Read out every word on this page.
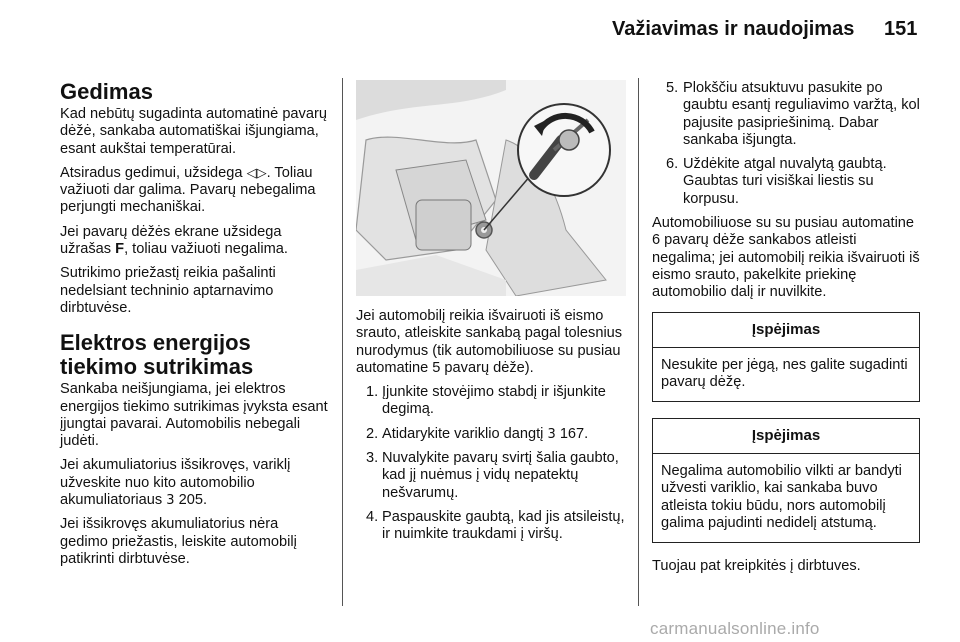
Važiavimas ir naudojimas 151
Gedimas

Kad nebūtų sugadinta automatinė pavarų dėžė, sankaba automatiškai išjungiama, esant aukštai temperatūrai.

Atsiradus gedimui, užsidega ◁▷. Toliau važiuoti dar galima. Pavarų nebegalima perjungti mechaniškai.

Jei pavarų dėžės ekrane užsidega užrašas F, toliau važiuoti negalima.

Sutrikimo priežastį reikia pašalinti nedelsiant techninio aptarnavimo dirbtuvėse.

Elektros energijos tiekimo sutrikimas

Sankaba neišjungiama, jei elektros energijos tiekimo sutrikimas įvyksta esant įjungtai pavarai. Automobilis nebegali judėti.

Jei akumuliatorius išsikrovęs, variklį užveskite nuo kito automobilio akumuliatoriaus 3 205.

Jei išsikrovęs akumuliatorius nėra gedimo priežastis, leiskite automobilį patikrinti dirbtuvėse.

Jei automobilį reikia išvairuoti iš eismo srauto, atleiskite sankabą pagal tolesnius nurodymus (tik automobiliuose su pusiau automatine 5 pavarų dėže).

1. Įjunkite stovėjimo stabdį ir išjunkite degimą.
2. Atidarykite variklio dangtį 3 167.
3. Nuvalykite pavarų svirtį šalia gaubto, kad jį nuėmus į vidų nepatektų nešvarumų.
4. Paspauskite gaubtą, kad jis atsileistų, ir nuimkite traukdami į viršų.
5. Plokščiu atsuktuvu pasukite po gaubtu esantį reguliavimo varžtą, kol pajusite pasipriešinimą. Dabar sankaba išjungta.
6. Uždėkite atgal nuvalytą gaubtą. Gaubtas turi visiškai liestis su korpusu.

Automobiliuose su su pusiau automatine 6 pavarų dėže sankabos atleisti negalima; jei automobilį reikia išvairuoti iš eismo srauto, pakelkite priekinę automobilio dalį ir nuvilkite.

Įspėjimas
Nesukite per jėgą, nes galite sugadinti pavarų dėžę.
Įspėjimas
Negalima automobilio vilkti ar bandyti užvesti variklio, kai sankaba buvo atleista tokiu būdu, nors automobilį galima pajudinti nedidelį atstumą.

Tuojau pat kreipkitės į dirbtuves.

carmanualsonline.info
